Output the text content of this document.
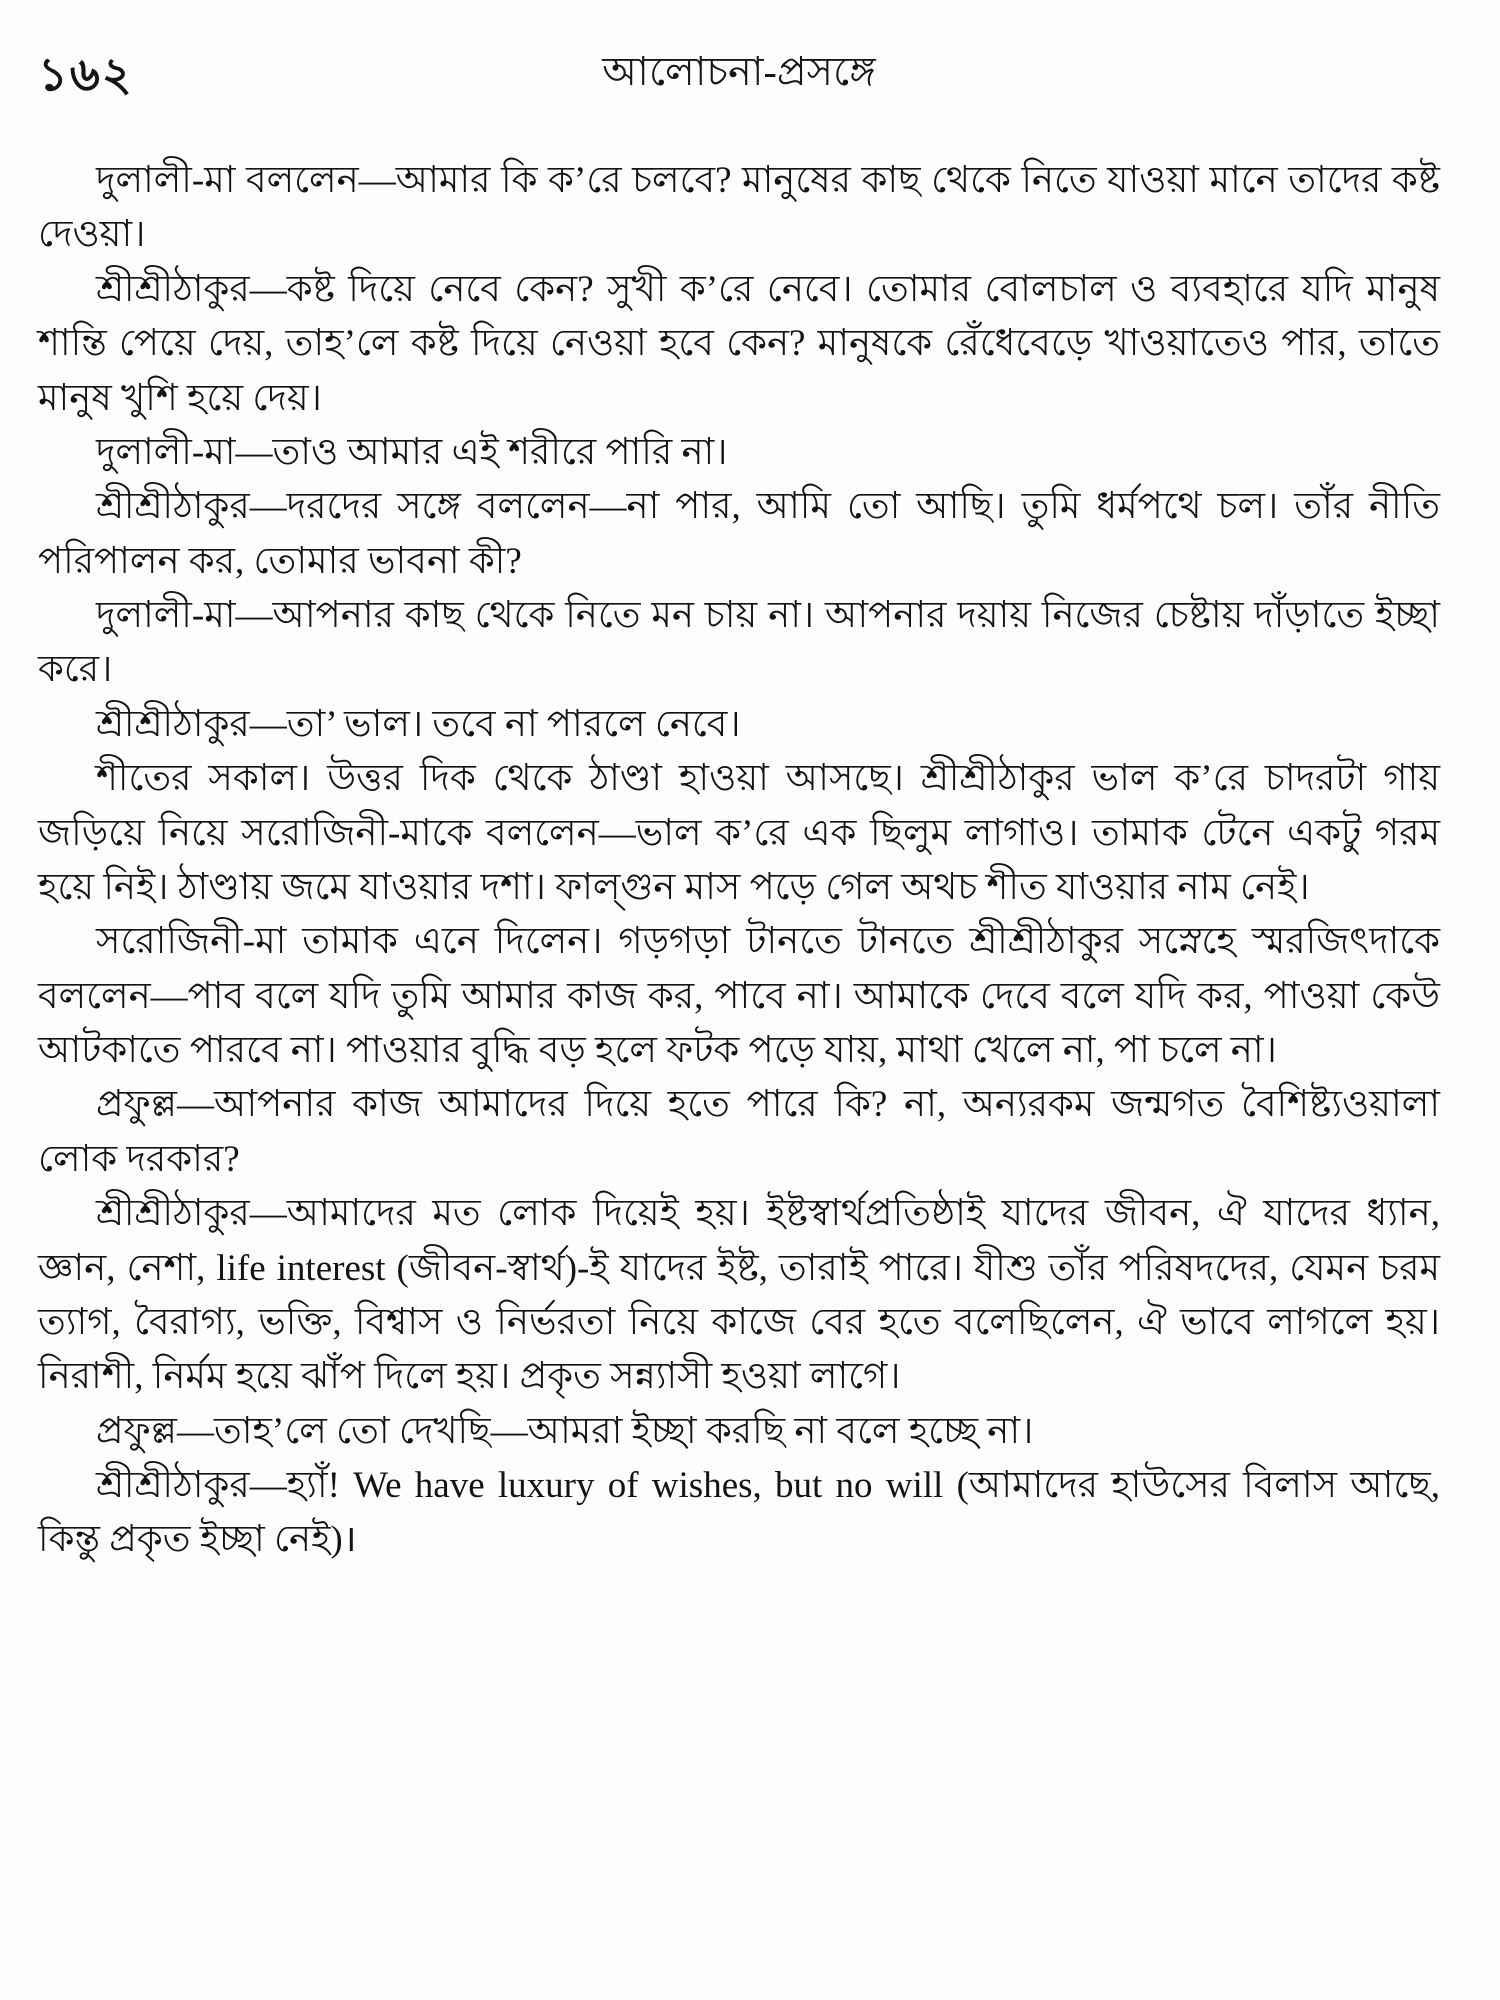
১৬২	আলোচনা-প্রসঙ্গে

দুলালী-মা বললেন—আমার কি ক’রে চলবে? মানুষের কাছ থেকে নিতে যাওয়া মানে তাদের কষ্ট দেওয়া।

শ্রীশ্রীঠাকুর—কষ্ট দিয়ে নেবে কেন? সুখী ক’রে নেবে। তোমার বোলচাল ও ব্যবহারে যদি মানুষ শান্তি পেয়ে দেয়, তাহ’লে কষ্ট দিয়ে নেওয়া হবে কেন? মানুষকে রেঁধেবেড়ে খাওয়াতেও পার, তাতে মানুষ খুশি হয়ে দেয়।

দুলালী-মা—তাও আমার এই শরীরে পারি না।

শ্রীশ্রীঠাকুর—দরদের সঙ্গে বললেন—না পার, আমি তো আছি। তুমি ধর্মপথে চল। তাঁর নীতি পরিপালন কর, তোমার ভাবনা কী?

দুলালী-মা—আপনার কাছ থেকে নিতে মন চায় না। আপনার দয়ায় নিজের চেষ্টায় দাঁড়াতে ইচ্ছা করে।

শ্রীশ্রীঠাকুর—তা’ ভাল। তবে না পারলে নেবে।

শীতের সকাল। উত্তর দিক থেকে ঠাণ্ডা হাওয়া আসছে। শ্রীশ্রীঠাকুর ভাল ক’রে চাদরটা গায় জড়িয়ে নিয়ে সরোজিনী-মাকে বললেন—ভাল ক’রে এক ছিলুম লাগাও। তামাক টেনে একটু গরম হয়ে নিই। ঠাণ্ডায় জমে যাওয়ার দশা। ফাল্গুন মাস পড়ে গেল অথচ শীত যাওয়ার নাম নেই।

সরোজিনী-মা তামাক এনে দিলেন। গড়গড়া টানতে টানতে শ্রীশ্রীঠাকুর সস্নেহে স্মরজিৎদাকে বললেন—পাব বলে যদি তুমি আমার কাজ কর, পাবে না। আমাকে দেবে বলে যদি কর, পাওয়া কেউ আটকাতে পারবে না। পাওয়ার বুদ্ধি বড় হলে ফটক পড়ে যায়, মাথা খেলে না, পা চলে না।

প্রফুল্ল—আপনার কাজ আমাদের দিয়ে হতে পারে কি? না, অন্যরকম জন্মগত বৈশিষ্ট্যওয়ালা লোক দরকার?

শ্রীশ্রীঠাকুর—আমাদের মত লোক দিয়েই হয়। ইষ্টস্বার্থপ্রতিষ্ঠাই যাদের জীবন, ঐ যাদের ধ্যান, জ্ঞান, নেশা, life interest (জীবন-স্বার্থ)-ই যাদের ইষ্ট, তারাই পারে। যীশু তাঁর পরিষদদের, যেমন চরম ত্যাগ, বৈরাগ্য, ভক্তি, বিশ্বাস ও নির্ভরতা নিয়ে কাজে বের হতে বলেছিলেন, ঐ ভাবে লাগলে হয়। নিরাশী, নির্মম হয়ে ঝাঁপ দিলে হয়। প্রকৃত সন্ন্যাসী হওয়া লাগে।

প্রফুল্ল—তাহ’লে তো দেখছি—আমরা ইচ্ছা করছি না বলে হচ্ছে না।

শ্রীশ্রীঠাকুর—হ্যাঁ! We have luxury of wishes, but no will (আমাদের হাউসের বিলাস আছে, কিন্তু প্রকৃত ইচ্ছা নেই)।
